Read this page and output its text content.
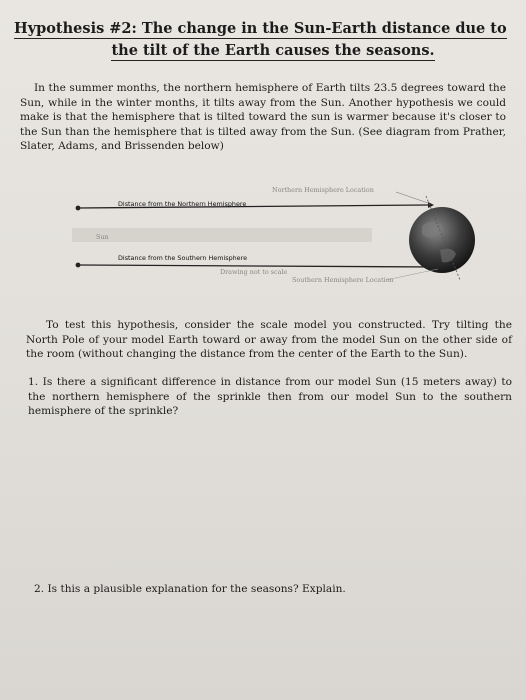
Hypothesis #2: The change in the Sun-Earth distance due to

the tilt of the Earth causes the seasons.

In the summer months, the northern hemisphere of Earth tilts 23.5 degrees toward the Sun, while in the winter months, it tilts away from the Sun. Another hypothesis we could make is that the hemisphere that is tilted toward the sun is warmer because it's closer to the Sun than the hemisphere that is tilted away from the Sun. (See diagram from Prather, Slater, Adams, and Brissenden below)

Distance from the Northern Hemisphere
Distance from the Southern Hemisphere
Northern Hemisphere Location
Southern Hemisphere Location
Sun
Drawing not to scale

To test this hypothesis, consider the scale model you constructed. Try tilting the North Pole of your model Earth toward or away from the model Sun on the other side of the room (without changing the distance from the center of the Earth to the Sun).

1. Is there a significant difference in distance from our model Sun (15 meters away) to the northern hemisphere of the sprinkle then from our model Sun to the southern hemisphere of the sprinkle?

2. Is this a plausible explanation for the seasons? Explain.
